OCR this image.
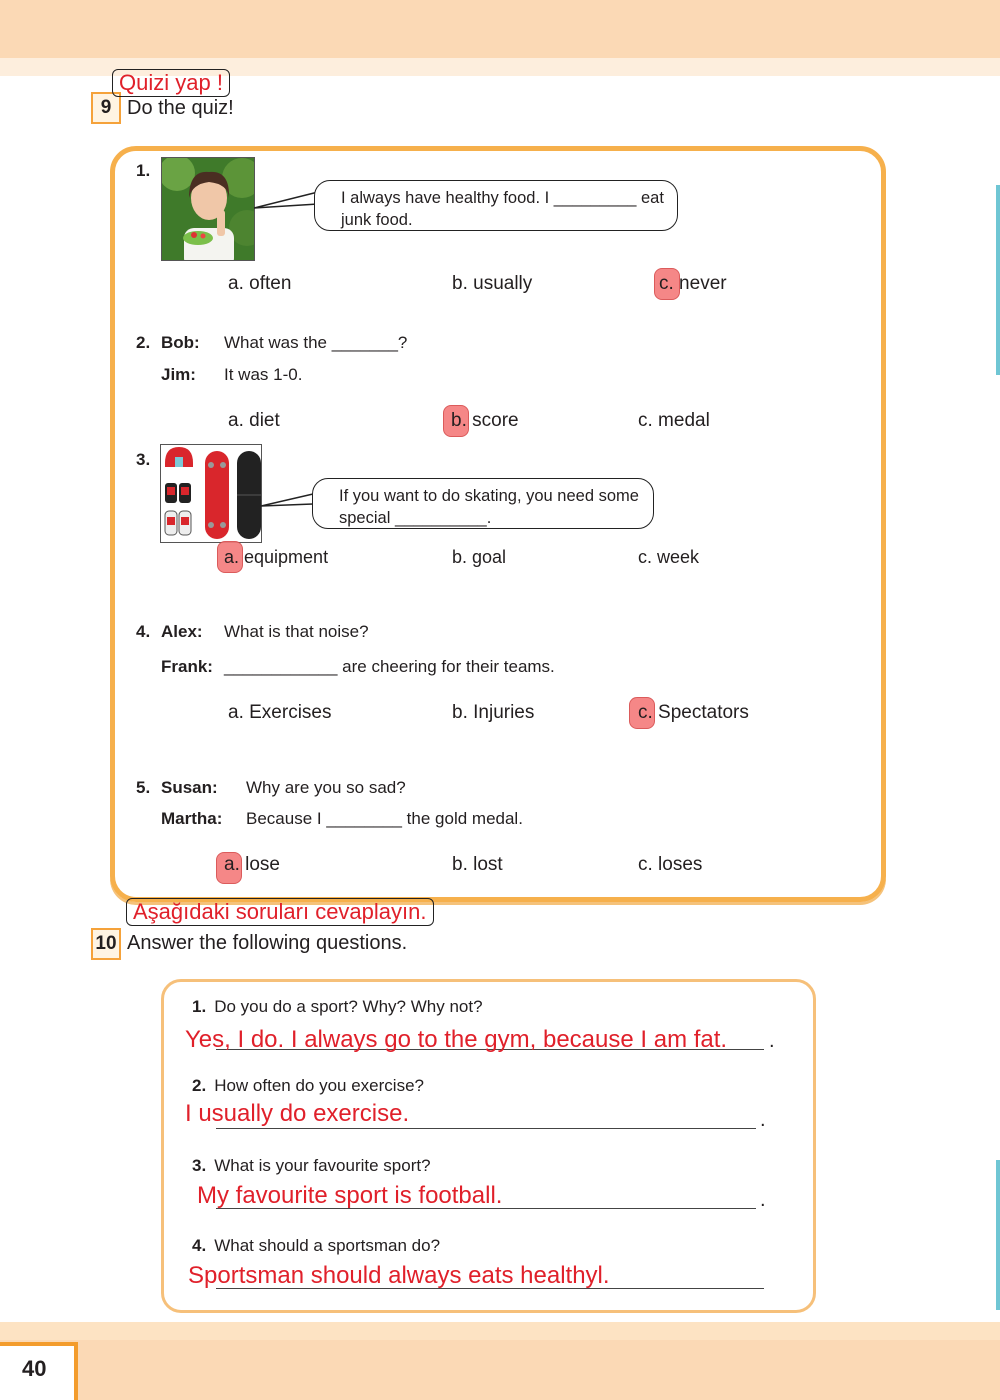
40
9 Do the quiz!
Quizi yap !
1.
I always have healthy food. I _________ eat junk food.
a. often	b. usually	c. never
2. Bob: What was the _______?
Jim: It was 1-0.
a. diet	b. score	c. medal
3.
If you want to do skating, you need some special __________.
a. equipment	b. goal	c. week
4. Alex: What is that noise?
Frank: ____________ are cheering for their teams.
a. Exercises	b. Injuries	c. Spectators
5. Susan: Why are you so sad?
Martha: Because I ________ the gold medal.
a. lose	b. lost	c. loses
10 Answer the following questions.
Aşağıdaki soruları cevaplayın.
1. Do you do a sport? Why? Why not?
.
Yes, I do. I always go to the gym, because I am fat.
2. How often do you exercise?
.
I usually do exercise.
3. What is your favourite sport?
.
My favourite sport is football.
4. What should a sportsman do?
Sportsman should always eats healthyl.
